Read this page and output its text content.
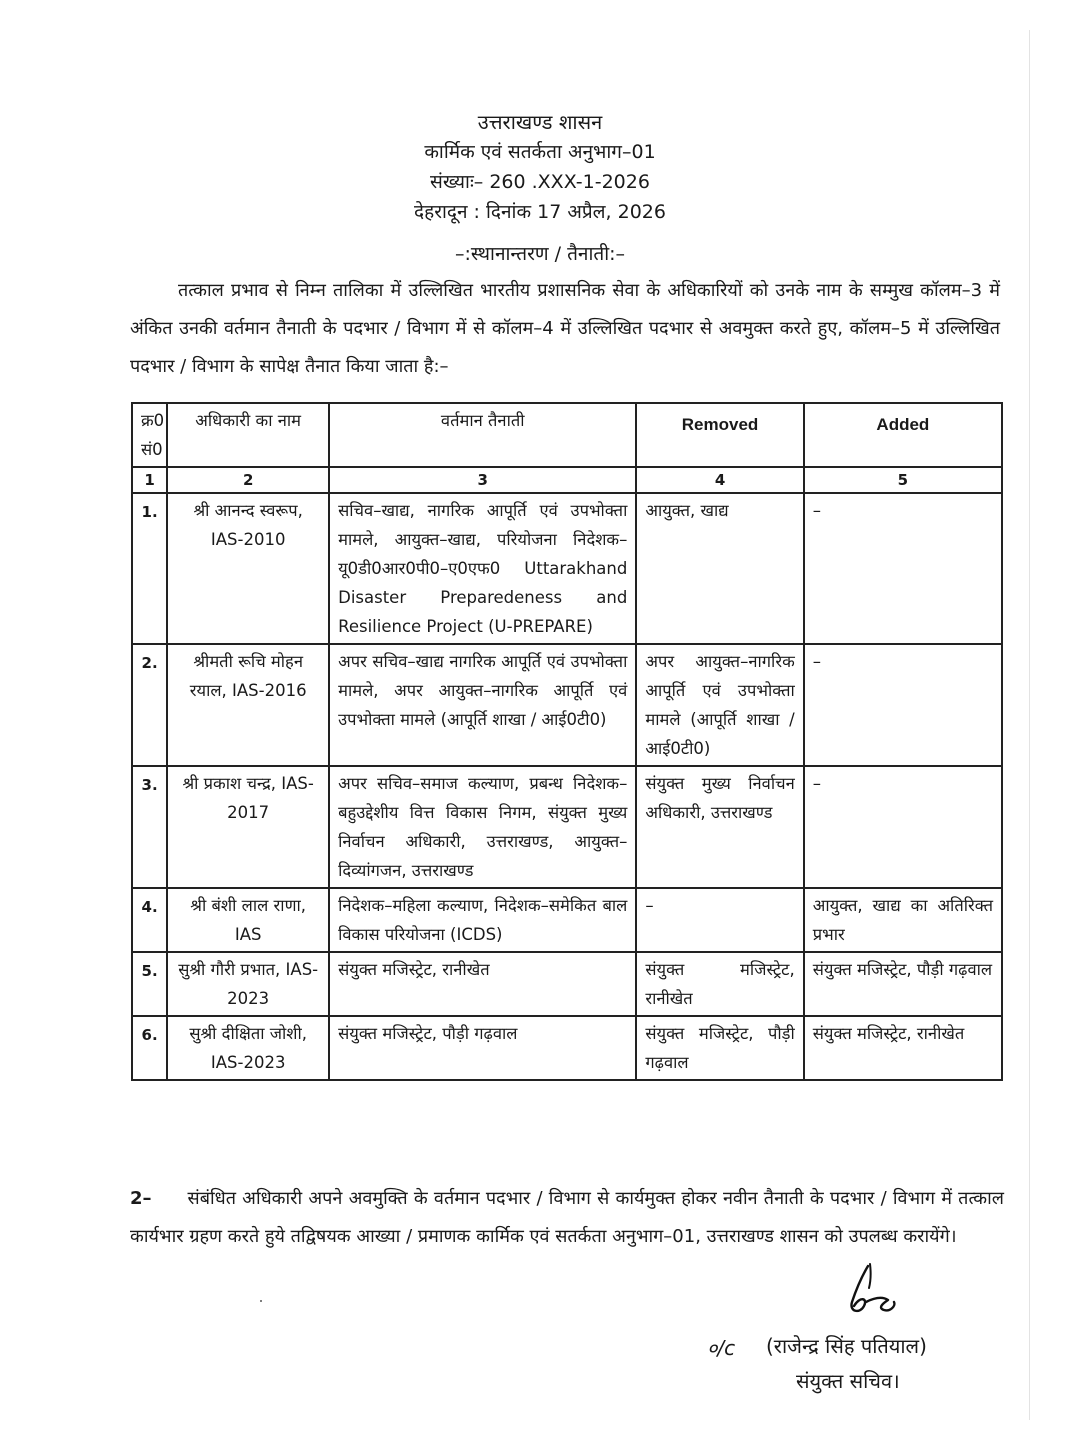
उत्तराखण्ड शासन
कार्मिक एवं सतर्कता अनुभाग–01
संख्याः– 260 .XXX-1-2026
देहरादून : दिनांक 17 अप्रैल, 2026
–:स्थानान्तरण / तैनाती:–
तत्काल प्रभाव से निम्न तालिका में उल्लिखित भारतीय प्रशासनिक सेवा के अधिकारियों को उनके नाम के सम्मुख कॉलम–3 में अंकित उनकी वर्तमान तैनाती के पदभार / विभाग में से कॉलम–4 में उल्लिखित पदभार से अवमुक्त करते हुए, कॉलम–5 में उल्लिखित पदभार / विभाग के सापेक्ष तैनात किया जाता है:–
क्र0 सं0	अधिकारी का नाम	वर्तमान तैनाती	Removed	Added
1	2	3	4	5
1.	श्री आनन्द स्वरूप, IAS-2010	सचिव–खाद्य, नागरिक आपूर्ति एवं उपभोक्ता मामले, आयुक्त–खाद्य, परियोजना निदेशक–यू0डी0आर0पी0–ए0एफ0 Uttarakhand Disaster Preparedeness and Resilience Project (U-PREPARE)	आयुक्त, खाद्य	–
2.	श्रीमती रूचि मोहन रयाल, IAS-2016	अपर सचिव–खाद्य नागरिक आपूर्ति एवं उपभोक्ता मामले, अपर आयुक्त–नागरिक आपूर्ति एवं उपभोक्ता मामले (आपूर्ति शाखा / आई0टी0)	अपर आयुक्त–नागरिक आपूर्ति एवं उपभोक्ता मामले (आपूर्ति शाखा / आई0टी0)	–
3.	श्री प्रकाश चन्द्र, IAS-2017	अपर सचिव–समाज कल्याण, प्रबन्ध निदेशक– बहुउद्देशीय वित्त विकास निगम, संयुक्त मुख्य निर्वाचन अधिकारी, उत्तराखण्ड, आयुक्त–दिव्यांगजन, उत्तराखण्ड	संयुक्त मुख्य निर्वाचन अधिकारी, उत्तराखण्ड	–
4.	श्री बंशी लाल राणा, IAS	निदेशक–महिला कल्याण, निदेशक–समेकित बाल विकास परियोजना (ICDS)	–	आयुक्त, खाद्य का अतिरिक्त प्रभार
5.	सुश्री गौरी प्रभात, IAS-2023	संयुक्त मजिस्ट्रेट, रानीखेत	संयुक्त मजिस्ट्रेट, रानीखेत	संयुक्त मजिस्ट्रेट, पौड़ी गढ़वाल
6.	सुश्री दीक्षिता जोशी, IAS-2023	संयुक्त मजिस्ट्रेट, पौड़ी गढ़वाल	संयुक्त मजिस्ट्रेट, पौड़ी गढ़वाल	संयुक्त मजिस्ट्रेट, रानीखेत
2– संबंधित अधिकारी अपने अवमुक्ति के वर्तमान पदभार / विभाग से कार्यमुक्त होकर नवीन तैनाती के पदभार / विभाग में तत्काल कार्यभार ग्रहण करते हुये तद्विषयक आख्या / प्रमाणक कार्मिक एवं सतर्कता अनुभाग–01, उत्तराखण्ड शासन को उपलब्ध करायेंगे।
०/c (राजेन्द्र सिंह पतियाल)
संयुक्त सचिव।
